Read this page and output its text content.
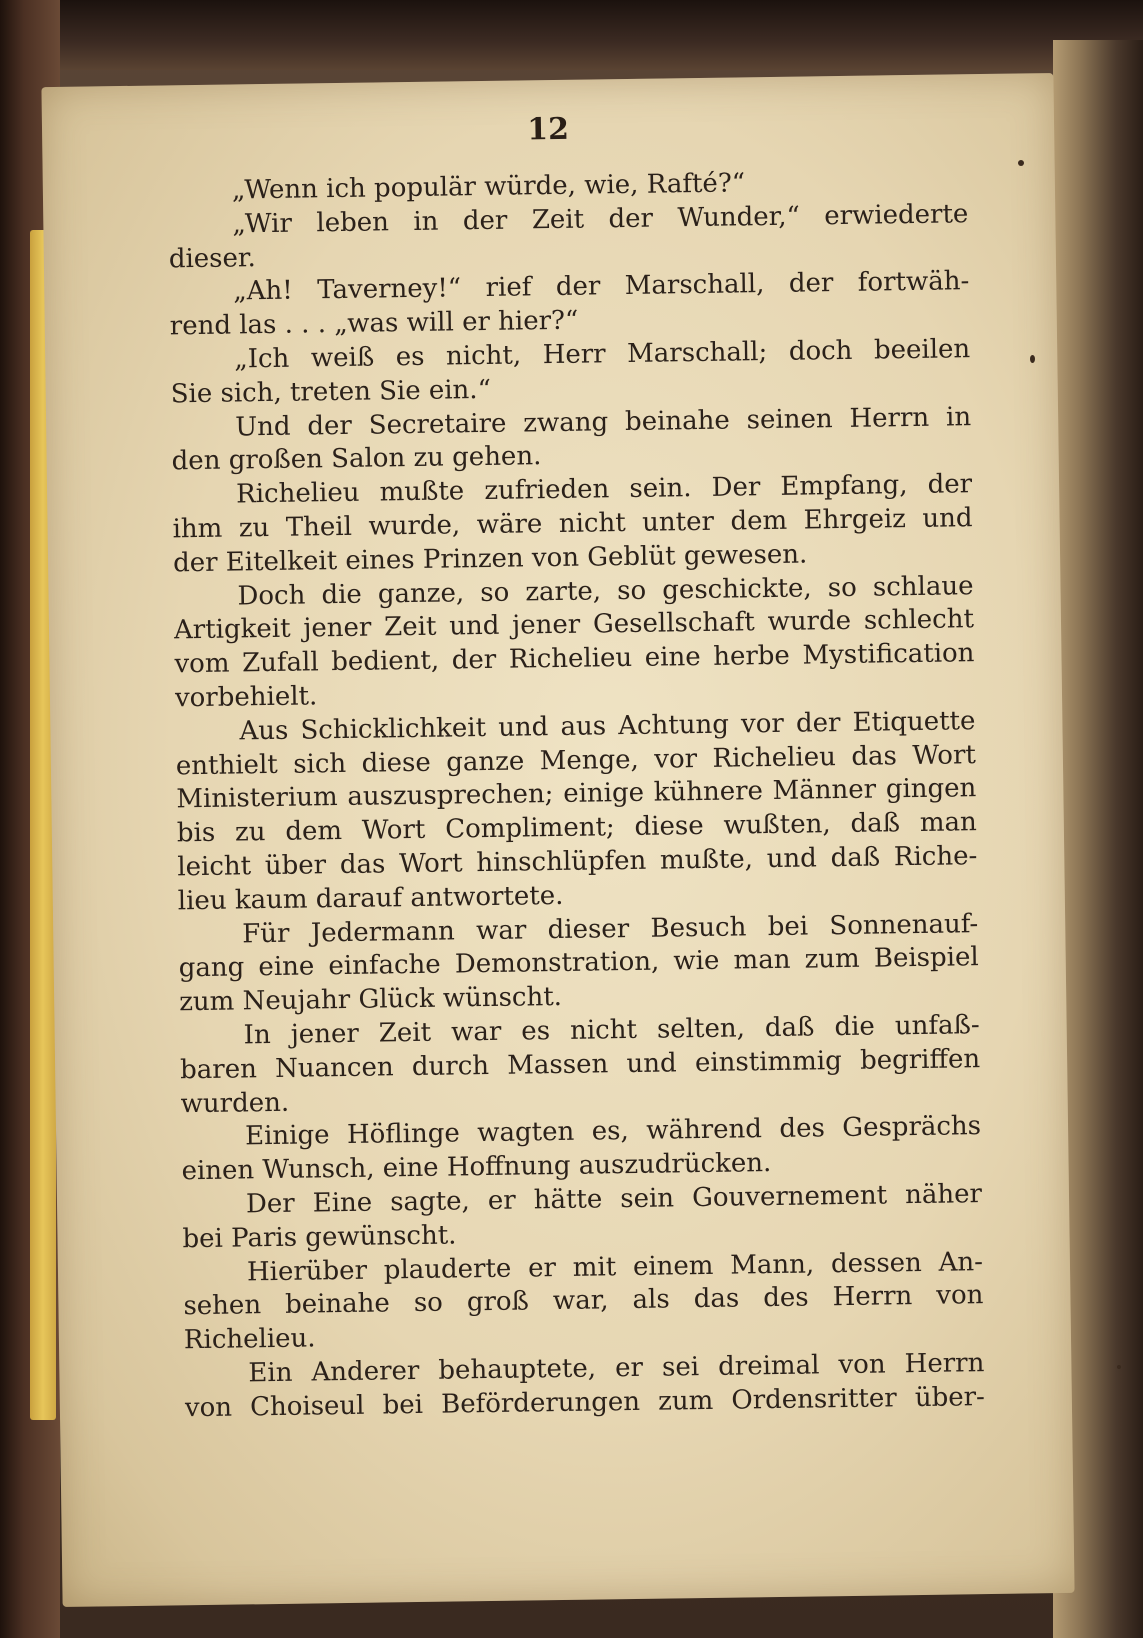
12
„Wenn ich populär würde, wie, Rafté?“
„Wir leben in der Zeit der Wunder,“ erwiederte
dieser.
„Ah! Taverney!“ rief der Marschall, der fortwäh-
rend las . . . „was will er hier?“
„Ich weiß es nicht, Herr Marschall; doch beeilen
Sie sich, treten Sie ein.“
Und der Secretaire zwang beinahe seinen Herrn in
den großen Salon zu gehen.
Richelieu mußte zufrieden sein. Der Empfang, der
ihm zu Theil wurde, wäre nicht unter dem Ehrgeiz und
der Eitelkeit eines Prinzen von Geblüt gewesen.
Doch die ganze, so zarte, so geschickte, so schlaue
Artigkeit jener Zeit und jener Gesellschaft wurde schlecht
vom Zufall bedient, der Richelieu eine herbe Mystification
vorbehielt.
Aus Schicklichkeit und aus Achtung vor der Etiquette
enthielt sich diese ganze Menge, vor Richelieu das Wort
Ministerium auszusprechen; einige kühnere Männer gingen
bis zu dem Wort Compliment; diese wußten, daß man
leicht über das Wort hinschlüpfen mußte, und daß Riche-
lieu kaum darauf antwortete.
Für Jedermann war dieser Besuch bei Sonnenauf-
gang eine einfache Demonstration, wie man zum Beispiel
zum Neujahr Glück wünscht.
In jener Zeit war es nicht selten, daß die unfaß-
baren Nuancen durch Massen und einstimmig begriffen
wurden.
Einige Höflinge wagten es, während des Gesprächs
einen Wunsch, eine Hoffnung auszudrücken.
Der Eine sagte, er hätte sein Gouvernement näher
bei Paris gewünscht.
Hierüber plauderte er mit einem Mann, dessen An-
sehen beinahe so groß war, als das des Herrn von
Richelieu.
Ein Anderer behauptete, er sei dreimal von Herrn
von Choiseul bei Beförderungen zum Ordensritter über-
